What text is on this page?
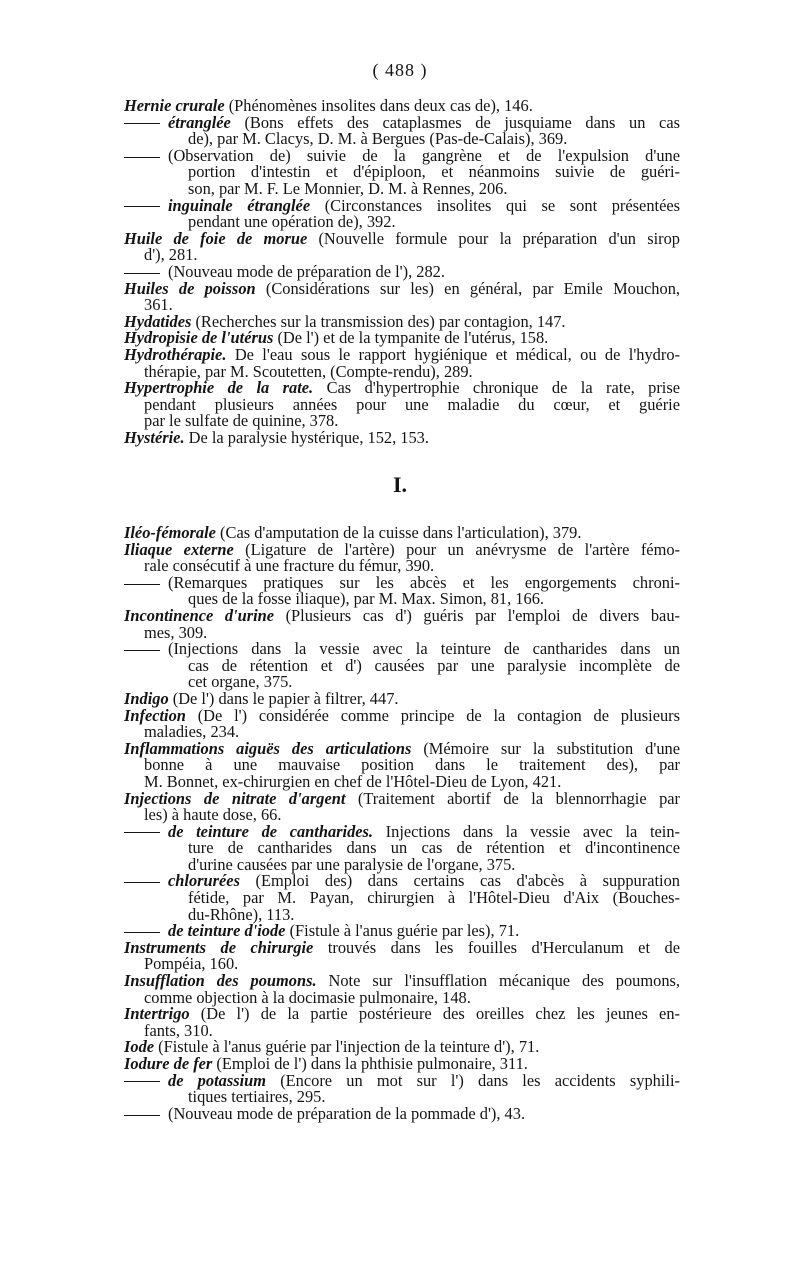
( 488 )
Hernie crurale (Phénomènes insolites dans deux cas de), 146.
étranglée (Bons effets des cataplasmes de jusquiame dans un cas
de), par M. Clacys, D. M. à Bergues (Pas-de-Calais), 369.
(Observation de) suivie de la gangrène et de l'expulsion d'une
portion d'intestin et d'épiploon, et néanmoins suivie de guéri-
son, par M. F. Le Monnier, D. M. à Rennes, 206.
inguinale étranglée (Circonstances insolites qui se sont présentées
pendant une opération de), 392.
Huile de foie de morue (Nouvelle formule pour la préparation d'un sirop
d'), 281.
(Nouveau mode de préparation de l'), 282.
Huiles de poisson (Considérations sur les) en général, par Emile Mouchon,
361.
Hydatides (Recherches sur la transmission des) par contagion, 147.
Hydropisie de l'utérus (De l') et de la tympanite de l'utérus, 158.
Hydrothérapie. De l'eau sous le rapport hygiénique et médical, ou de l'hydro-
thérapie, par M. Scoutetten, (Compte-rendu), 289.
Hypertrophie de la rate. Cas d'hypertrophie chronique de la rate, prise
pendant plusieurs années pour une maladie du cœur, et guérie
par le sulfate de quinine, 378.
Hystérie. De la paralysie hystérique, 152, 153.
I.
Iléo-fémorale (Cas d'amputation de la cuisse dans l'articulation), 379.
Iliaque externe (Ligature de l'artère) pour un anévrysme de l'artère fémo-
rale consécutif à une fracture du fémur, 390.
(Remarques pratiques sur les abcès et les engorgements chroni-
ques de la fosse iliaque), par M. Max. Simon, 81, 166.
Incontinence d'urine (Plusieurs cas d') guéris par l'emploi de divers bau-
mes, 309.
(Injections dans la vessie avec la teinture de cantharides dans un
cas de rétention et d') causées par une paralysie incomplète de
cet organe, 375.
Indigo (De l') dans le papier à filtrer, 447.
Infection (De l') considérée comme principe de la contagion de plusieurs
maladies, 234.
Inflammations aiguës des articulations (Mémoire sur la substitution d'une
bonne à une mauvaise position dans le traitement des), par
M. Bonnet, ex-chirurgien en chef de l'Hôtel-Dieu de Lyon, 421.
Injections de nitrate d'argent (Traitement abortif de la blennorrhagie par
les) à haute dose, 66.
de teinture de cantharides. Injections dans la vessie avec la tein-
ture de cantharides dans un cas de rétention et d'incontinence
d'urine causées par une paralysie de l'organe, 375.
chlorurées (Emploi des) dans certains cas d'abcès à suppuration
fétide, par M. Payan, chirurgien à l'Hôtel-Dieu d'Aix (Bouches-
du-Rhône), 113.
de teinture d'iode (Fistule à l'anus guérie par les), 71.
Instruments de chirurgie trouvés dans les fouilles d'Herculanum et de
Pompéia, 160.
Insufflation des poumons. Note sur l'insufflation mécanique des poumons,
comme objection à la docimasie pulmonaire, 148.
Intertrigo (De l') de la partie postérieure des oreilles chez les jeunes en-
fants, 310.
Iode (Fistule à l'anus guérie par l'injection de la teinture d'), 71.
Iodure de fer (Emploi de l') dans la phthisie pulmonaire, 311.
de potassium (Encore un mot sur l') dans les accidents syphili-
tiques tertiaires, 295.
(Nouveau mode de préparation de la pommade d'), 43.
